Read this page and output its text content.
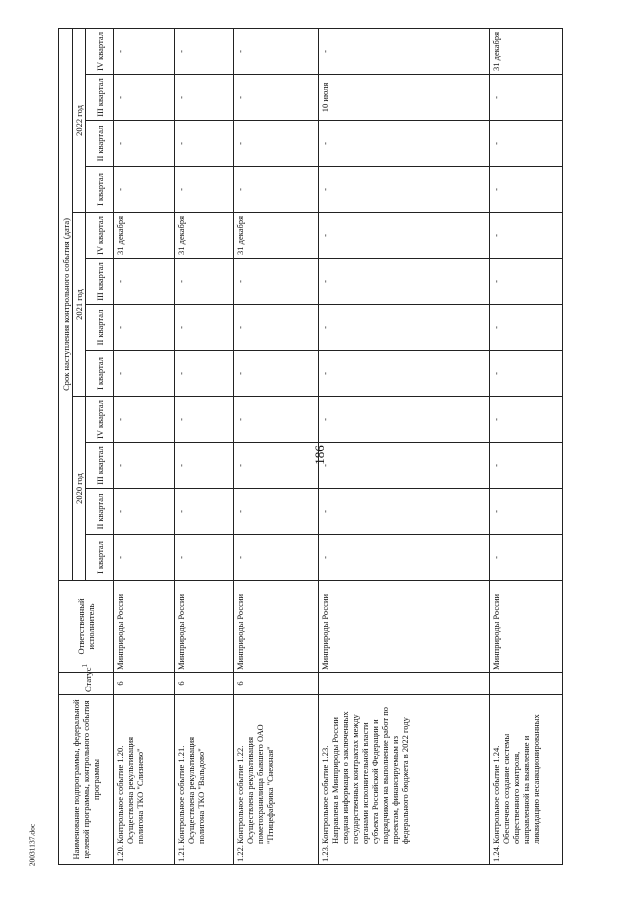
186
20031137.doc	Наименование подпрограммы, федеральной целевой программы, контрольного события программы	Статус$^1$	Ответственный исполнитель	Срок наступления контрольного события (дата)											
			2020 год				2021 год				2022 год			
			I квартал	II квартал	III квартал	IV квартал	I квартал	II квартал	III квартал	IV квартал	I квартал	II квартал	III квартал	IV квартал
1.20.Контрольное событие 1.20. Осуществлена рекультивация полигона ТКО "Слизнево"	6	Минприроды России	-	-	-	-	-	-	-	31 декабря	-	-	-	-

1.21.Контрольное событие 1.21. Осуществлена рекультивация полигона ТКО "Вальдово"	6	Минприроды России	-	-	-	-	-	-	-	31 декабря	-	-	-	-

1.22.Контрольное событие 1.22. Осуществлена рекультивация пометохранилища бывшего ОАО "Птицефабрика "Снежная"	6	Минприроды России	-	-	-	-	-	-	-	31 декабря	-	-	-	-

1.23.Контрольное событие 1.23. Направлена в Минприроды России сводная информация о заключенных государственных контрактах между органами исполнительной власти субъекта Российской Федерации и подрядчиком на выполнение работ по проектам, финансируемым из федерального бюджета в 2022 году		Минприроды России	-	-	-	-	-	-	-	-	-	-	10 июля	-

1.24.Контрольное событие 1.24. Обеспечено создание системы общественного контроля, направленной на выявление и ликвидацию несанкционированных		Минприроды России	-	-	-	-	-	-	-	-	-	-	-	31 декабря
